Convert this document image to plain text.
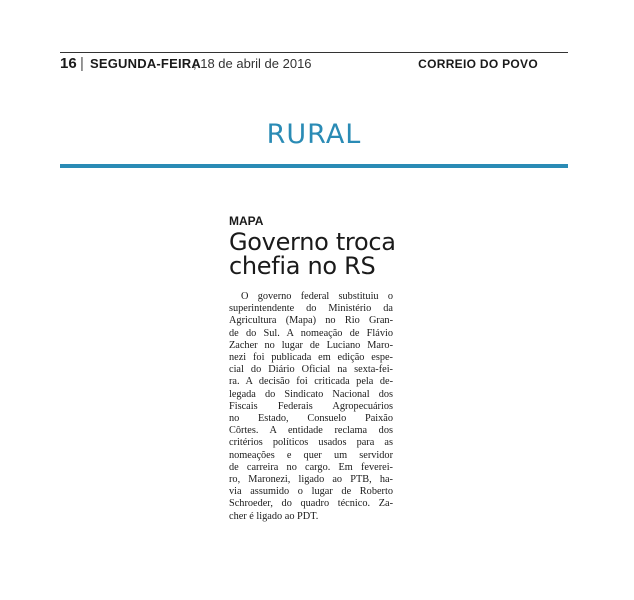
16 | SEGUNDA-FEIRA
, 18 de abril de 2016	CORREIO DO POVO
RURAL
MAPA
Governo troca
chefia no RS
O governo federal substituiu o
superintendente do Ministério da
Agricultura (Mapa) no Rio Gran-
de do Sul. A nomeação de Flávio
Zacher no lugar de Luciano Maro-
nezi foi publicada em edição espe-
cial do Diário Oficial na sexta-fei-
ra. A decisão foi criticada pela de-
legada do Sindicato Nacional dos
Fiscais Federais Agropecuários
no Estado, Consuelo Paixão
Côrtes. A entidade reclama dos
critérios políticos usados para as
nomeações e quer um servidor
de carreira no cargo. Em feverei-
ro, Maronezi, ligado ao PTB, ha-
via assumido o lugar de Roberto
Schroeder, do quadro técnico. Za-
cher é ligado ao PDT.
